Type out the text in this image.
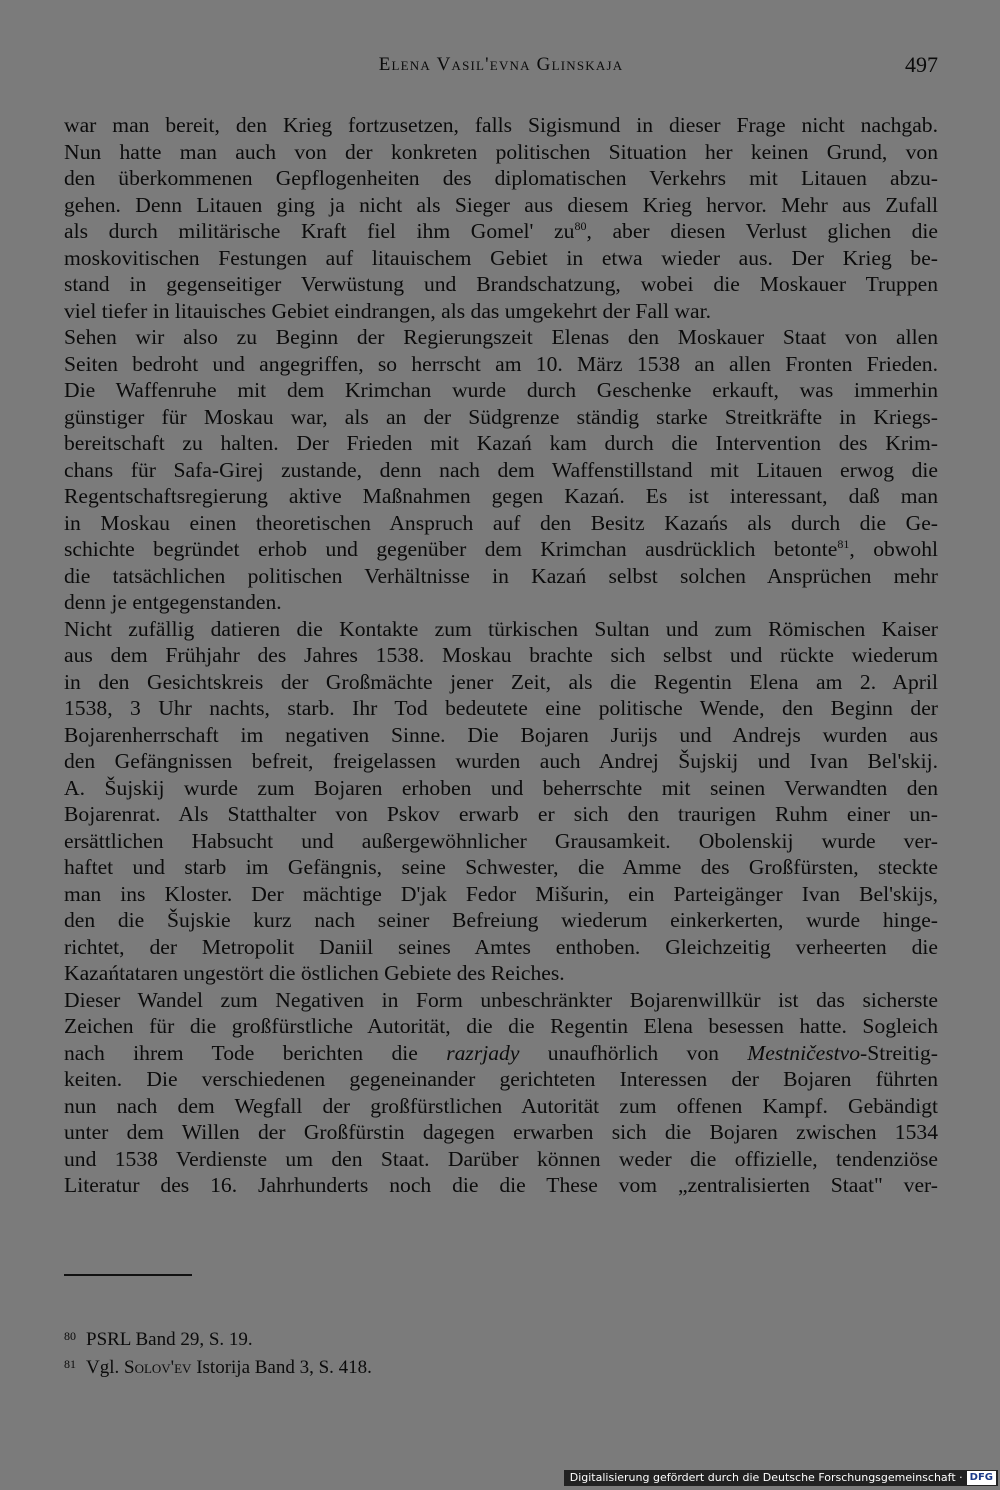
Elena Vasil'evna Glinskaja	497
war man bereit, den Krieg fortzusetzen, falls Sigismund in dieser Frage nicht nachgab.
Nun hatte man auch von der konkreten politischen Situation her keinen Grund, von
den überkommenen Gepflogenheiten des diplomatischen Verkehrs mit Litauen abzu-
gehen. Denn Litauen ging ja nicht als Sieger aus diesem Krieg hervor. Mehr aus Zufall
als durch militärische Kraft fiel ihm Gomel' $zu^{80}$, aber diesen Verlust glichen die
moskovitischen Festungen auf litauischem Gebiet in etwa wieder aus. Der Krieg be-
stand in gegenseitiger Verwüstung und Brandschatzung, wobei die Moskauer Truppen
viel tiefer in litauisches Gebiet eindrangen, als das umgekehrt der Fall war.
Sehen wir also zu Beginn der Regierungszeit Elenas den Moskauer Staat von allen
Seiten bedroht und angegriffen, so herrscht am 10. März 1538 an allen Fronten Frieden.
Die Waffenruhe mit dem Krimchan wurde durch Geschenke erkauft, was immerhin
günstiger für Moskau war, als an der Südgrenze ständig starke Streitkräfte in Kriegs-
bereitschaft zu halten. Der Frieden mit Kazań kam durch die Intervention des Krim-
chans für Safa-Girej zustande, denn nach dem Waffenstillstand mit Litauen erwog die
Regentschaftsregierung aktive Maßnahmen gegen Kazań. Es ist interessant, daß man
in Moskau einen theoretischen Anspruch auf den Besitz Kazańs als durch die Ge-
schichte begründet erhob und gegenüber dem Krimchan ausdrücklich betonte$^{81}$, obwohl
die tatsächlichen politischen Verhältnisse in Kazań selbst solchen Ansprüchen mehr
denn je entgegenstanden.
Nicht zufällig datieren die Kontakte zum türkischen Sultan und zum Römischen Kaiser
aus dem Frühjahr des Jahres 1538. Moskau brachte sich selbst und rückte wiederum
in den Gesichtskreis der Großmächte jener Zeit, als die Regentin Elena am 2. April
1538, 3 Uhr nachts, starb. Ihr Tod bedeutete eine politische Wende, den Beginn der
Bojarenherrschaft im negativen Sinne. Die Bojaren Jurijs und Andrejs wurden aus
den Gefängnissen befreit, freigelassen wurden auch Andrej Šujskij und Ivan Bel'skij.
A. Šujskij wurde zum Bojaren erhoben und beherrschte mit seinen Verwandten den
Bojarenrat. Als Statthalter von Pskov erwarb er sich den traurigen Ruhm einer un-
ersättlichen Habsucht und außergewöhnlicher Grausamkeit. Obolenskij wurde ver-
haftet und starb im Gefängnis, seine Schwester, die Amme des Großfürsten, steckte
man ins Kloster. Der mächtige D'jak Fedor Mišurin, ein Parteigänger Ivan Bel'skijs,
den die Šujskie kurz nach seiner Befreiung wiederum einkerkerten, wurde hinge-
richtet, der Metropolit Daniil seines Amtes enthoben. Gleichzeitig verheerten die
Kazańtataren ungestört die östlichen Gebiete des Reiches.
Dieser Wandel zum Negativen in Form unbeschränkter Bojarenwillkür ist das sicherste
Zeichen für die großfürstliche Autorität, die die Regentin Elena besessen hatte. Sogleich
nach ihrem Tode berichten die razrjady unaufhörlich von Mestničestvo-Streitig-
keiten. Die verschiedenen gegeneinander gerichteten Interessen der Bojaren führten
nun nach dem Wegfall der großfürstlichen Autorität zum offenen Kampf. Gebändigt
unter dem Willen der Großfürstin dagegen erwarben sich die Bojaren zwischen 1534
und 1538 Verdienste um den Staat. Darüber können weder die offizielle, tendenziöse
Literatur des 16. Jahrhunderts noch die die These vom „zentralisierten Staat" ver-
80 PSRL Band 29, S. 19.
81 Vgl. Solov'ev Istorija Band 3, S. 418.
Digitalisierung gefördert durch die Deutsche Forschungsgemeinschaft · DFG
